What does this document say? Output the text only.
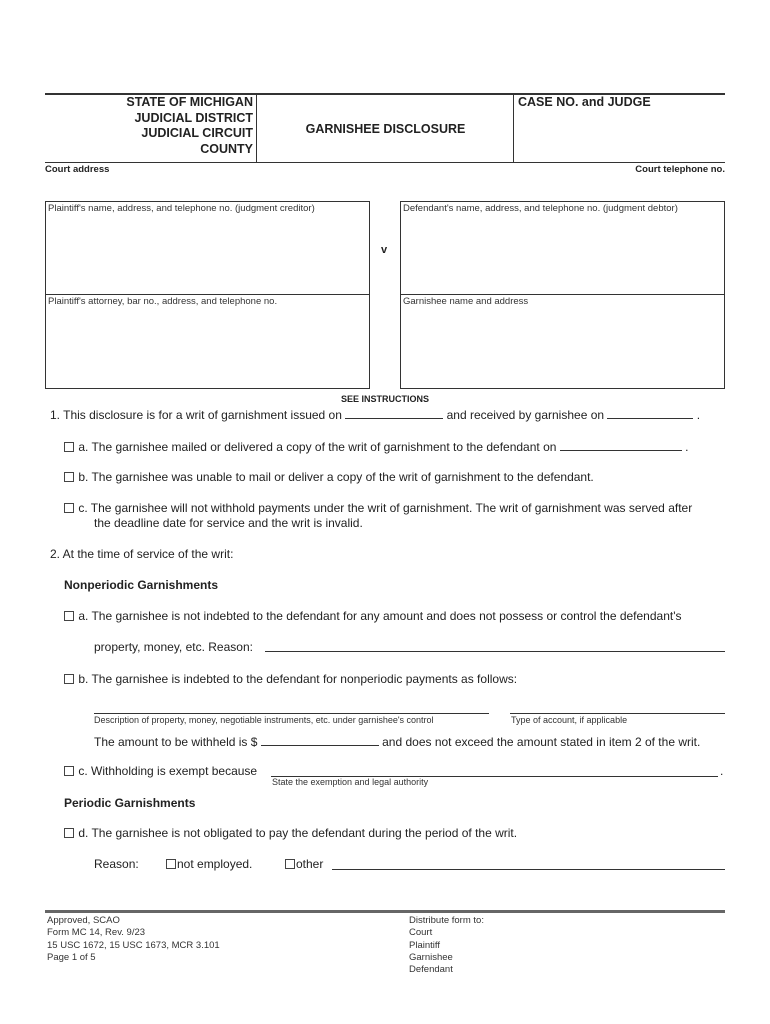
STATE OF MICHIGAN
JUDICIAL DISTRICT
JUDICIAL CIRCUIT
COUNTY
GARNISHEE DISCLOSURE
CASE NO. and JUDGE
Court address	Court telephone no.
Plaintiff's name, address, and telephone no. (judgment creditor)
Plaintiff's attorney, bar no., address, and telephone no.
v
Defendant's name, address, and telephone no. (judgment debtor)
Garnishee name and address
SEE INSTRUCTIONS
1. This disclosure is for a writ of garnishment issued on	and received by garnishee on	.
a. The garnishee mailed or delivered a copy of the writ of garnishment to the defendant on	.
b. The garnishee was unable to mail or deliver a copy of the writ of garnishment to the defendant.
c. The garnishee will not withhold payments under the writ of garnishment. The writ of garnishment was served after
the deadline date for service and the writ is invalid.
2. At the time of service of the writ:
Nonperiodic Garnishments
a. The garnishee is not indebted to the defendant for any amount and does not possess or control the defendant's
property, money, etc. Reason:
b. The garnishee is indebted to the defendant for nonperiodic payments as follows:
Description of property, money, negotiable instruments, etc. under garnishee's control	Type of account, if applicable
The amount to be withheld is $	and does not exceed the amount stated in item 2 of the writ.
c. Withholding is exempt because	.
State the exemption and legal authority
Periodic Garnishments
d. The garnishee is not obligated to pay the defendant during the period of the writ.
Reason:	not employed.	other
Approved, SCAO
Form MC 14, Rev. 9/23
15 USC 1672, 15 USC 1673, MCR 3.101
Page 1 of 5
Distribute form to:
Court
Plaintiff
Garnishee
Defendant
